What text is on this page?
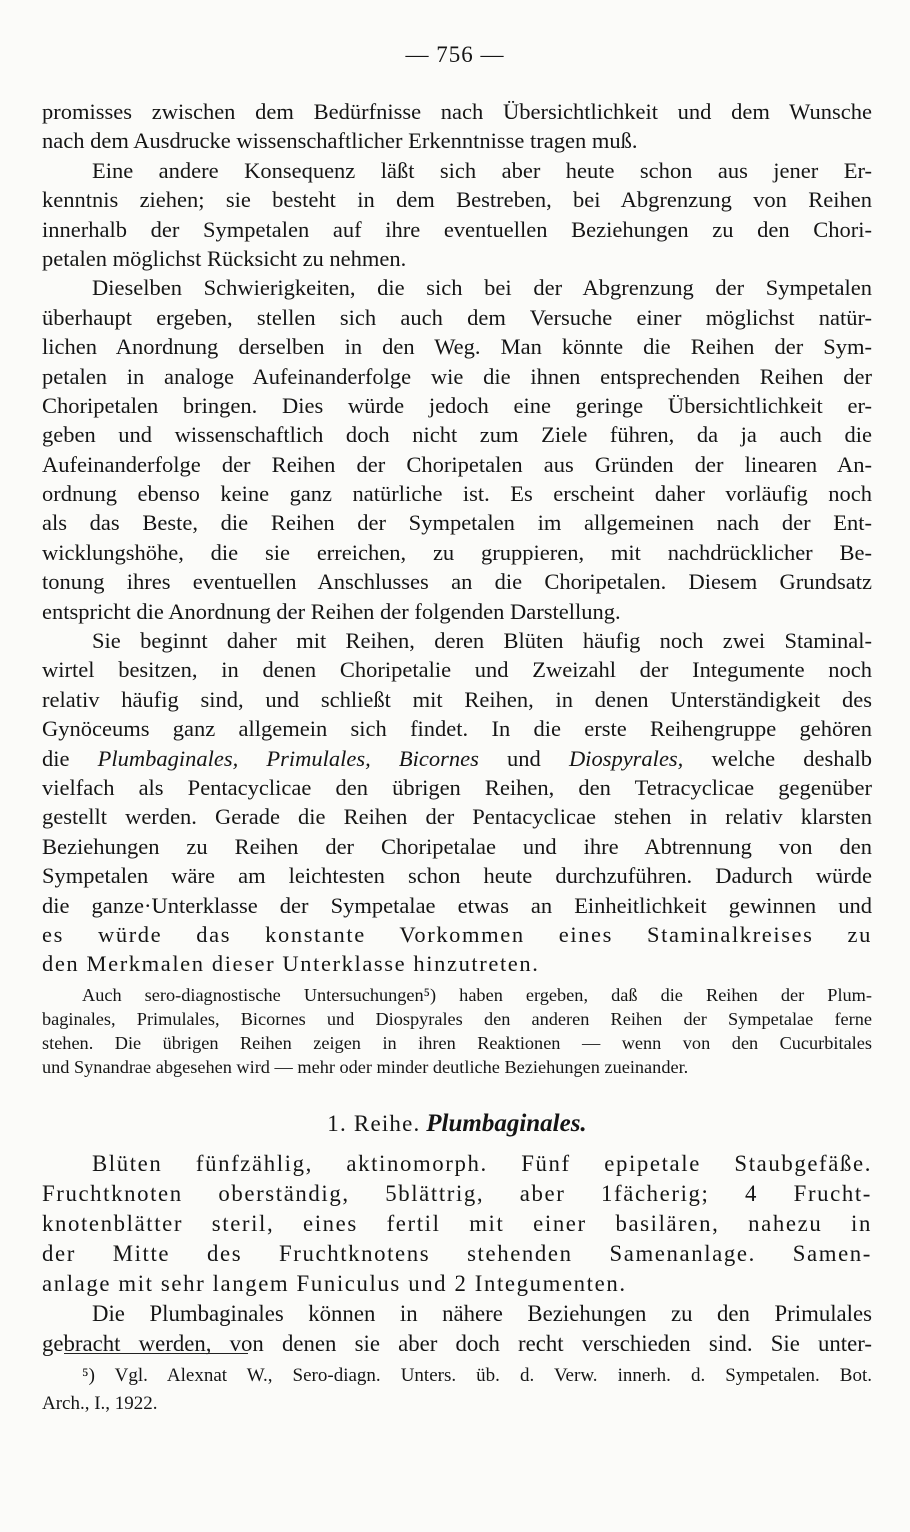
— 756 —
promisses zwischen dem Bedürfnisse nach Übersichtlichkeit und dem Wunsche
nach dem Ausdrucke wissenschaftlicher Erkenntnisse tragen muß.
Eine andere Konsequenz läßt sich aber heute schon aus jener Er-
kenntnis ziehen; sie besteht in dem Bestreben, bei Abgrenzung von Reihen
innerhalb der Sympetalen auf ihre eventuellen Beziehungen zu den Chori-
petalen möglichst Rücksicht zu nehmen.
Dieselben Schwierigkeiten, die sich bei der Abgrenzung der Sympetalen
überhaupt ergeben, stellen sich auch dem Versuche einer möglichst natür-
lichen Anordnung derselben in den Weg. Man könnte die Reihen der Sym-
petalen in analoge Aufeinanderfolge wie die ihnen entsprechenden Reihen der
Choripetalen bringen. Dies würde jedoch eine geringe Übersichtlichkeit er-
geben und wissenschaftlich doch nicht zum Ziele führen, da ja auch die
Aufeinanderfolge der Reihen der Choripetalen aus Gründen der linearen An-
ordnung ebenso keine ganz natürliche ist. Es erscheint daher vorläufig noch
als das Beste, die Reihen der Sympetalen im allgemeinen nach der Ent-
wicklungshöhe, die sie erreichen, zu gruppieren, mit nachdrücklicher Be-
tonung ihres eventuellen Anschlusses an die Choripetalen. Diesem Grundsatz
entspricht die Anordnung der Reihen der folgenden Darstellung.
Sie beginnt daher mit Reihen, deren Blüten häufig noch zwei Staminal-
wirtel besitzen, in denen Choripetalie und Zweizahl der Integumente noch
relativ häufig sind, und schließt mit Reihen, in denen Unterständigkeit des
Gynöceums ganz allgemein sich findet. In die erste Reihengruppe gehören
die Plumbaginales, Primulales, Bicornes und Diospyrales, welche deshalb
vielfach als Pentacyclicae den übrigen Reihen, den Tetracyclicae gegenüber
gestellt werden. Gerade die Reihen der Pentacyclicae stehen in relativ klarsten
Beziehungen zu Reihen der Choripetalae und ihre Abtrennung von den
Sympetalen wäre am leichtesten schon heute durchzuführen. Dadurch würde
die ganze·Unterklasse der Sympetalae etwas an Einheitlichkeit gewinnen und
es würde das konstante Vorkommen eines Staminalkreises zu
den Merkmalen dieser Unterklasse hinzutreten.
Auch sero-diagnostische Untersuchungen⁵) haben ergeben, daß die Reihen der Plum-
baginales, Primulales, Bicornes und Diospyrales den anderen Reihen der Sympetalae ferne
stehen. Die übrigen Reihen zeigen in ihren Reaktionen — wenn von den Cucurbitales
und Synandrae abgesehen wird — mehr oder minder deutliche Beziehungen zueinander.
1. Reihe. Plumbaginales.
Blüten fünfzählig, aktinomorph. Fünf epipetale Staubgefäße.
Fruchtknoten oberständig, 5blättrig, aber 1fächerig; 4 Frucht-
knotenblätter steril, eines fertil mit einer basilären, nahezu in
der Mitte des Fruchtknotens stehenden Samenanlage. Samen-
anlage mit sehr langem Funiculus und 2 Integumenten.
Die Plumbaginales können in nähere Beziehungen zu den Primulales
gebracht werden, von denen sie aber doch recht verschieden sind. Sie unter-
⁵) Vgl. Alexnat W., Sero-diagn. Unters. üb. d. Verw. innerh. d. Sympetalen. Bot.
Arch., I., 1922.
